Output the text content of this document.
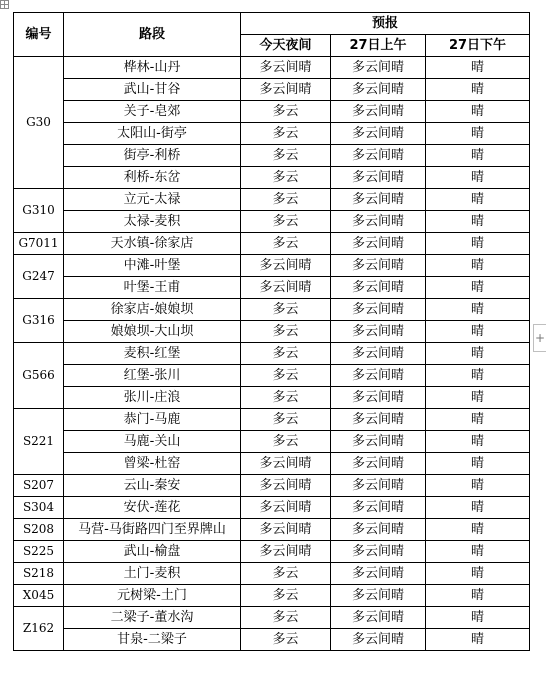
编号	路段	预报		
		今天夜间	27日上午	27日下午
G30	桦林-山丹	多云间晴	多云间晴	晴
	武山-甘谷	多云间晴	多云间晴	晴
	关子-皂郊	多云	多云间晴	晴
	太阳山-街亭	多云	多云间晴	晴
	街亭-利桥	多云	多云间晴	晴
	利桥-东岔	多云	多云间晴	晴
G310	立元-太禄	多云	多云间晴	晴
	太禄-麦积	多云	多云间晴	晴
G7011	天水镇-徐家店	多云	多云间晴	晴
G247	中滩-叶堡	多云间晴	多云间晴	晴
	叶堡-王甫	多云间晴	多云间晴	晴
G316	徐家店-娘娘坝	多云	多云间晴	晴
	娘娘坝-大山坝	多云	多云间晴	晴
G566	麦积-红堡	多云	多云间晴	晴
	红堡-张川	多云	多云间晴	晴
	张川-庄浪	多云	多云间晴	晴
S221	恭门-马鹿	多云	多云间晴	晴
	马鹿-关山	多云	多云间晴	晴
	曾梁-杜窑	多云间晴	多云间晴	晴
S207	云山-秦安	多云间晴	多云间晴	晴
S304	安伏-莲花	多云间晴	多云间晴	晴
S208	马营-马街路四门至界牌山	多云间晴	多云间晴	晴
S225	武山-榆盘	多云间晴	多云间晴	晴
S218	土门-麦积	多云	多云间晴	晴
X045	元树梁-土门	多云	多云间晴	晴
Z162	二梁子-董水沟	多云	多云间晴	晴
	甘泉-二梁子	多云	多云间晴	晴
+
